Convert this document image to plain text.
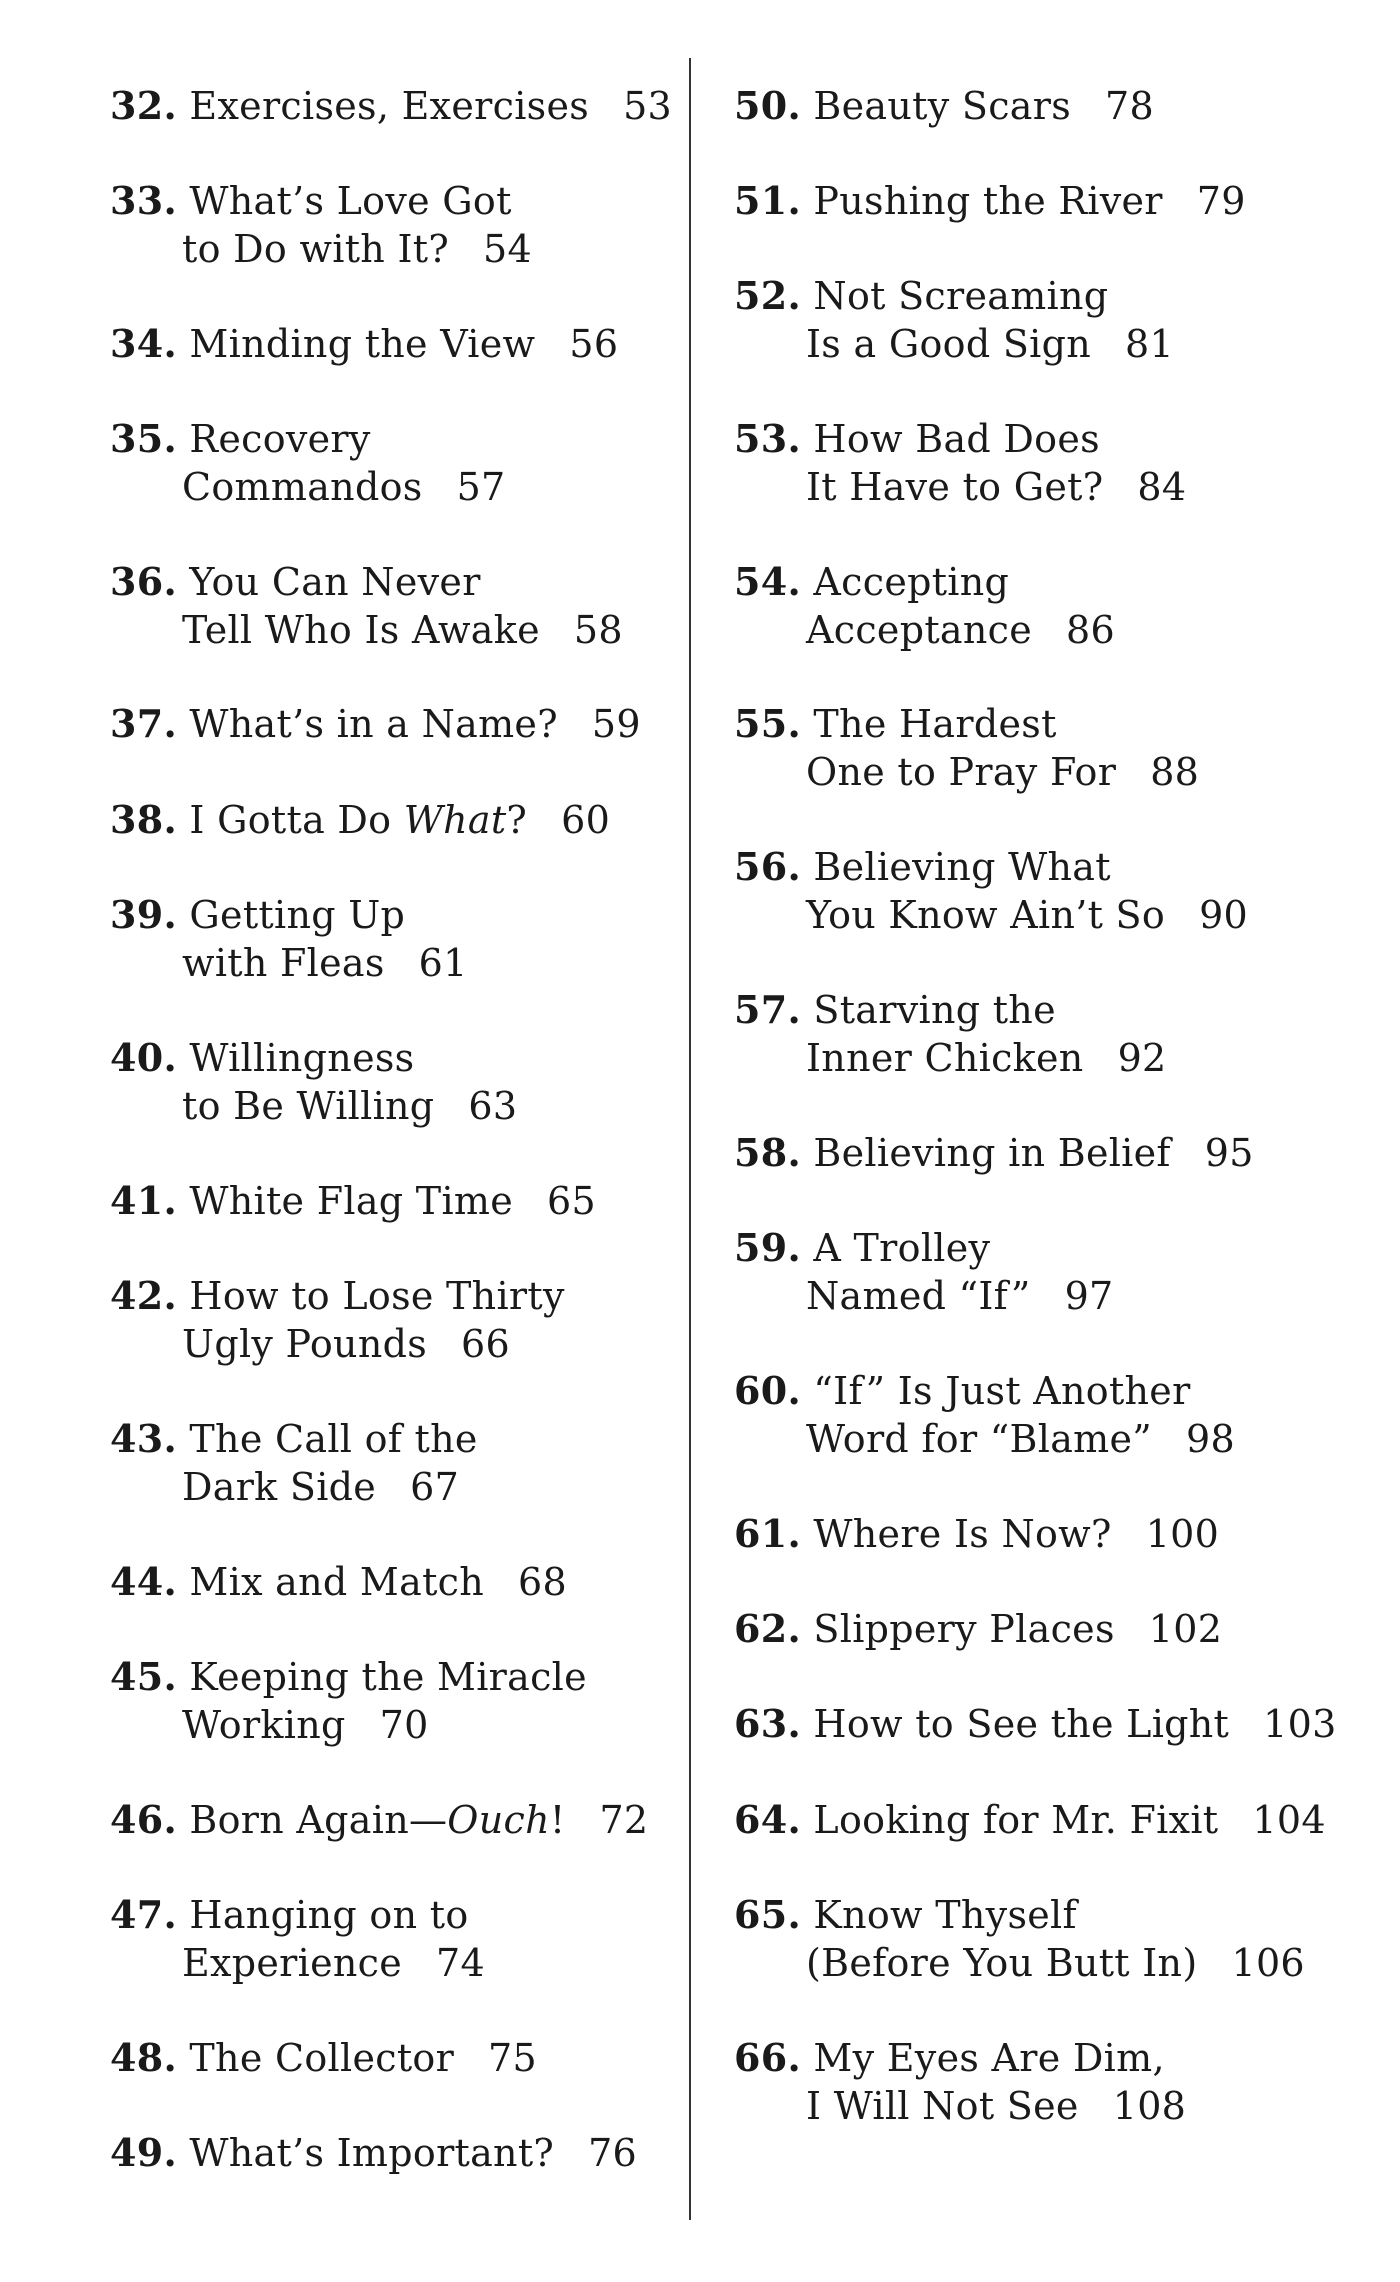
32. Exercises, Exercises 53
33. What’s Love Got
to Do with It? 54
34. Minding the View 56
35. Recovery
Commandos 57
36. You Can Never
Tell Who Is Awake 58
37. What’s in a Name? 59
38. I Gotta Do What? 60
39. Getting Up
with Fleas 61
40. Willingness
to Be Willing 63
41. White Flag Time 65
42. How to Lose Thirty
Ugly Pounds 66
43. The Call of the
Dark Side 67
44. Mix and Match 68
45. Keeping the Miracle
Working 70
46. Born Again—Ouch! 72
47. Hanging on to
Experience 74
48. The Collector 75
49. What’s Important? 76
50. Beauty Scars 78
51. Pushing the River 79
52. Not Screaming
Is a Good Sign 81
53. How Bad Does
It Have to Get? 84
54. Accepting
Acceptance 86
55. The Hardest
One to Pray For 88
56. Believing What
You Know Ain’t So 90
57. Starving the
Inner Chicken 92
58. Believing in Belief 95
59. A Trolley
Named “If” 97
60. “If” Is Just Another
Word for “Blame” 98
61. Where Is Now? 100
62. Slippery Places 102
63. How to See the Light 103
64. Looking for Mr. Fixit 104
65. Know Thyself
(Before You Butt In) 106
66. My Eyes Are Dim,
I Will Not See 108
